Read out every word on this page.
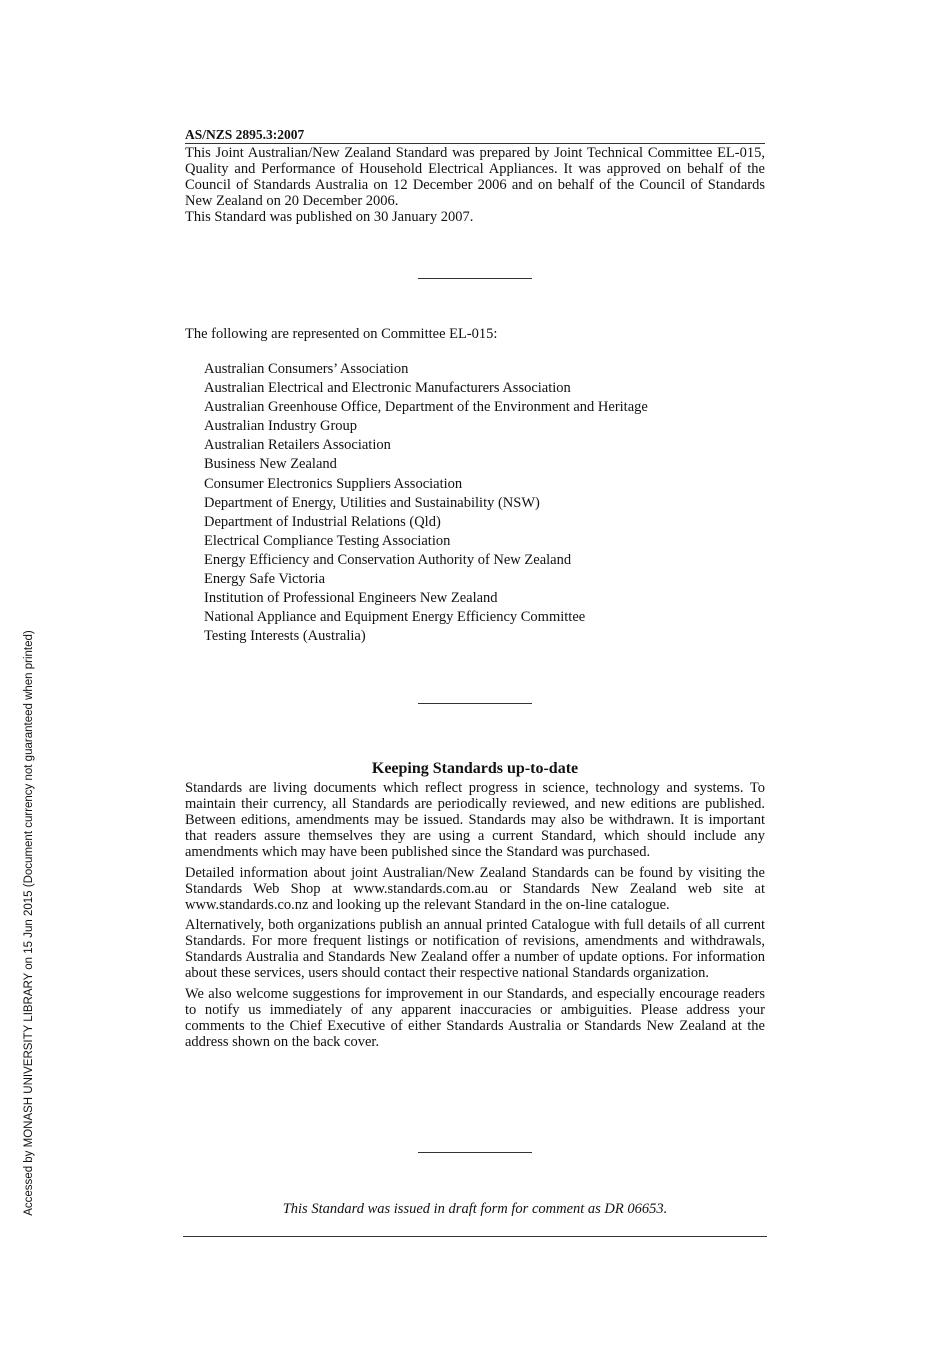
AS/NZS 2895.3:2007

This Joint Australian/New Zealand Standard was prepared by Joint Technical Committee EL-015, Quality and Performance of Household Electrical Appliances. It was approved on behalf of the Council of Standards Australia on 12 December 2006 and on behalf of the Council of Standards New Zealand on 20 December 2006.

This Standard was published on 30 January 2007.

The following are represented on Committee EL-015:

Australian Consumers’ Association
Australian Electrical and Electronic Manufacturers Association
Australian Greenhouse Office, Department of the Environment and Heritage
Australian Industry Group
Australian Retailers Association
Business New Zealand
Consumer Electronics Suppliers Association
Department of Energy, Utilities and Sustainability (NSW)
Department of Industrial Relations (Qld)
Electrical Compliance Testing Association
Energy Efficiency and Conservation Authority of New Zealand
Energy Safe Victoria
Institution of Professional Engineers New Zealand
National Appliance and Equipment Energy Efficiency Committee
Testing Interests (Australia)
Keeping Standards up-to-date

Standards are living documents which reflect progress in science, technology and systems. To maintain their currency, all Standards are periodically reviewed, and new editions are published. Between editions, amendments may be issued. Standards may also be withdrawn. It is important that readers assure themselves they are using a current Standard, which should include any amendments which may have been published since the Standard was purchased.

Detailed information about joint Australian/New Zealand Standards can be found by visiting the Standards Web Shop at www.standards.com.au or Standards New Zealand web site at www.standards.co.nz and looking up the relevant Standard in the on-line catalogue.

Alternatively, both organizations publish an annual printed Catalogue with full details of all current Standards. For more frequent listings or notification of revisions, amendments and withdrawals, Standards Australia and Standards New Zealand offer a number of update options. For information about these services, users should contact their respective national Standards organization.

We also welcome suggestions for improvement in our Standards, and especially encourage readers to notify us immediately of any apparent inaccuracies or ambiguities. Please address your comments to the Chief Executive of either Standards Australia or Standards New Zealand at the address shown on the back cover.

This Standard was issued in draft form for comment as DR 06653.

Accessed by MONASH UNIVERSITY LIBRARY on 15 Jun 2015 (Document currency not guaranteed when printed)
